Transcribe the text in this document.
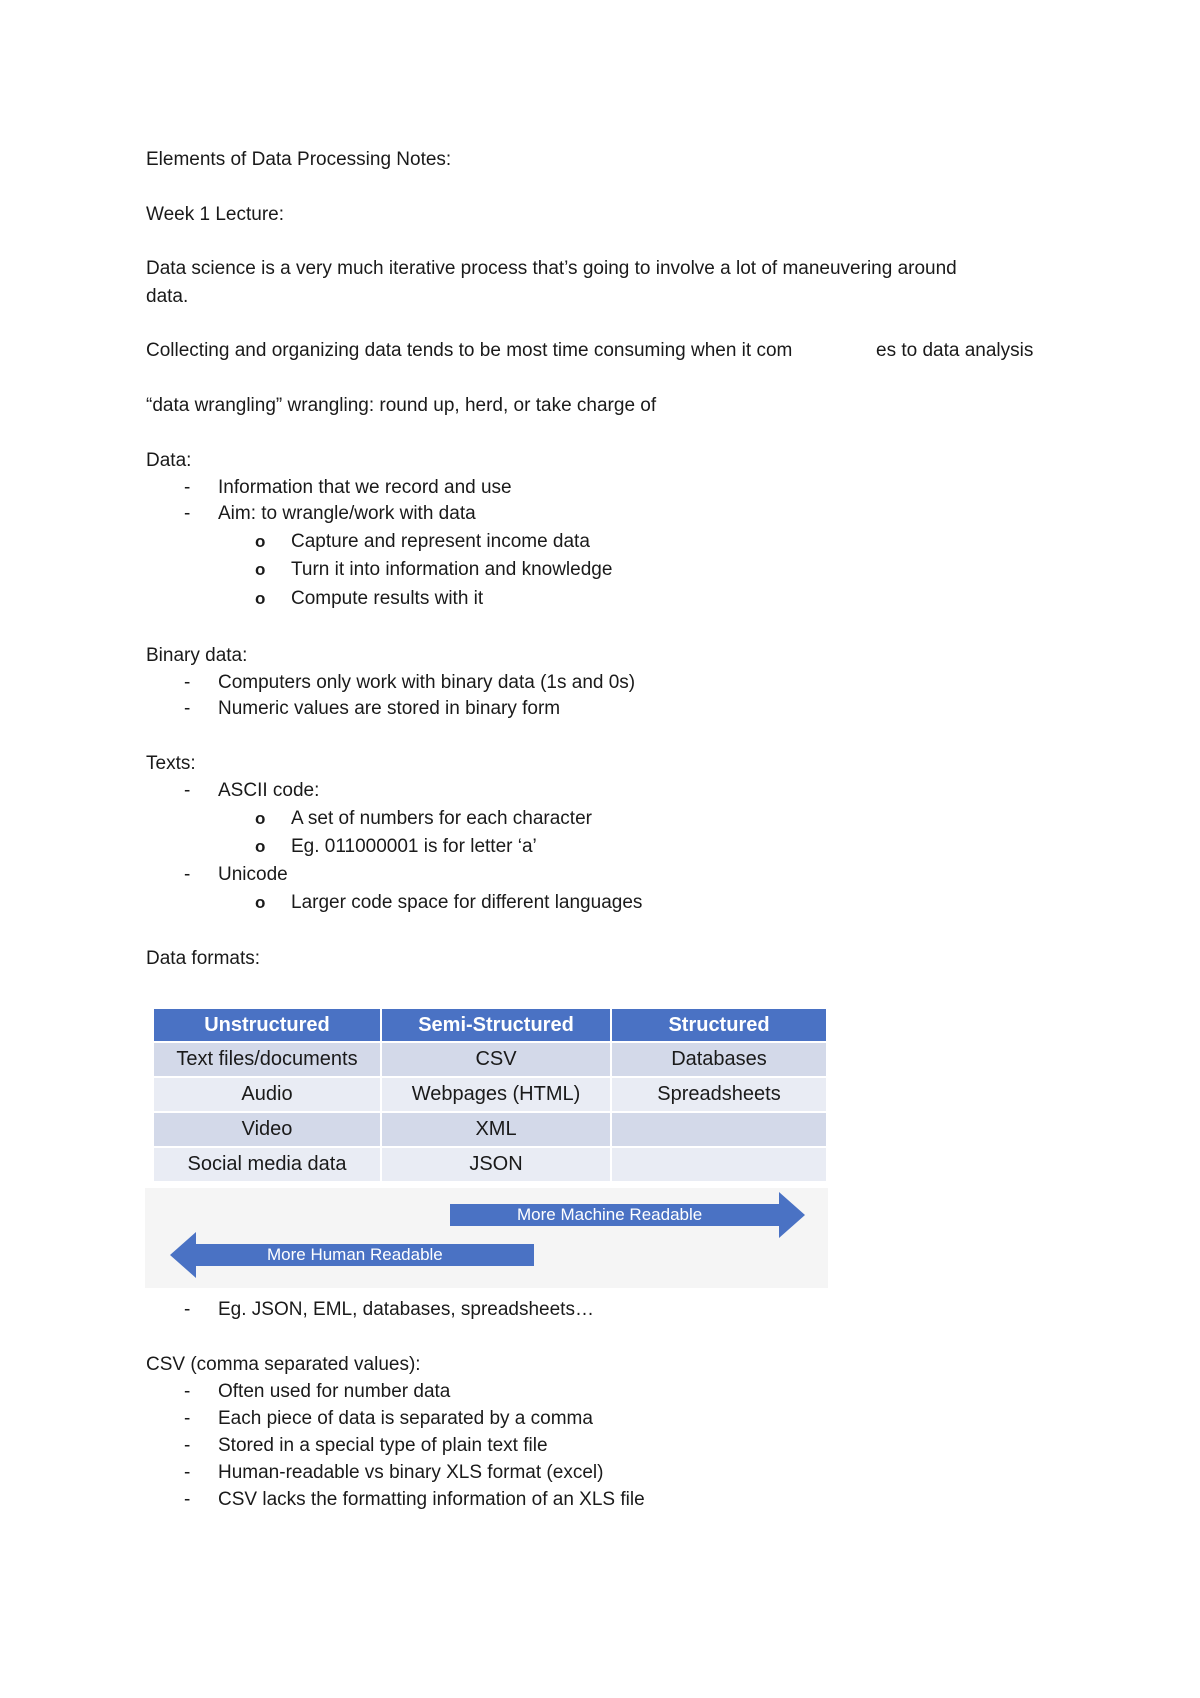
Elements of Data Processing Notes:
Week 1 Lecture:
Data science is a very much iterative process that’s going to involve a lot of maneuvering around
data.
Collecting and organizing data tends to be most time consuming when it com	es to data analysis
“data wrangling” wrangling: round up, herd, or take charge of
Data:
- Information that we record and use
- Aim: to wrangle/work with data
o Capture and represent income data
o Turn it into information and knowledge
o Compute results with it
Binary data:
- Computers only work with binary data (1s and 0s)
- Numeric values are stored in binary form
Texts:
- ASCII code:
o A set of numbers for each character
o Eg. 011000001 is for letter ‘a’
- Unicode
o Larger code space for different languages
Data formats:
Unstructured	Semi-Structured	Structured
Text files/documents	CSV	Databases
Audio	Webpages (HTML)	Spreadsheets
Video	XML	
Social media data	JSON	
More Machine Readable
More Human Readable
- Eg. JSON, EML, databases, spreadsheets…
CSV (comma separated values):
- Often used for number data
- Each piece of data is separated by a comma
- Stored in a special type of plain text file
- Human-readable vs binary XLS format (excel)
- CSV lacks the formatting information of an XLS file
